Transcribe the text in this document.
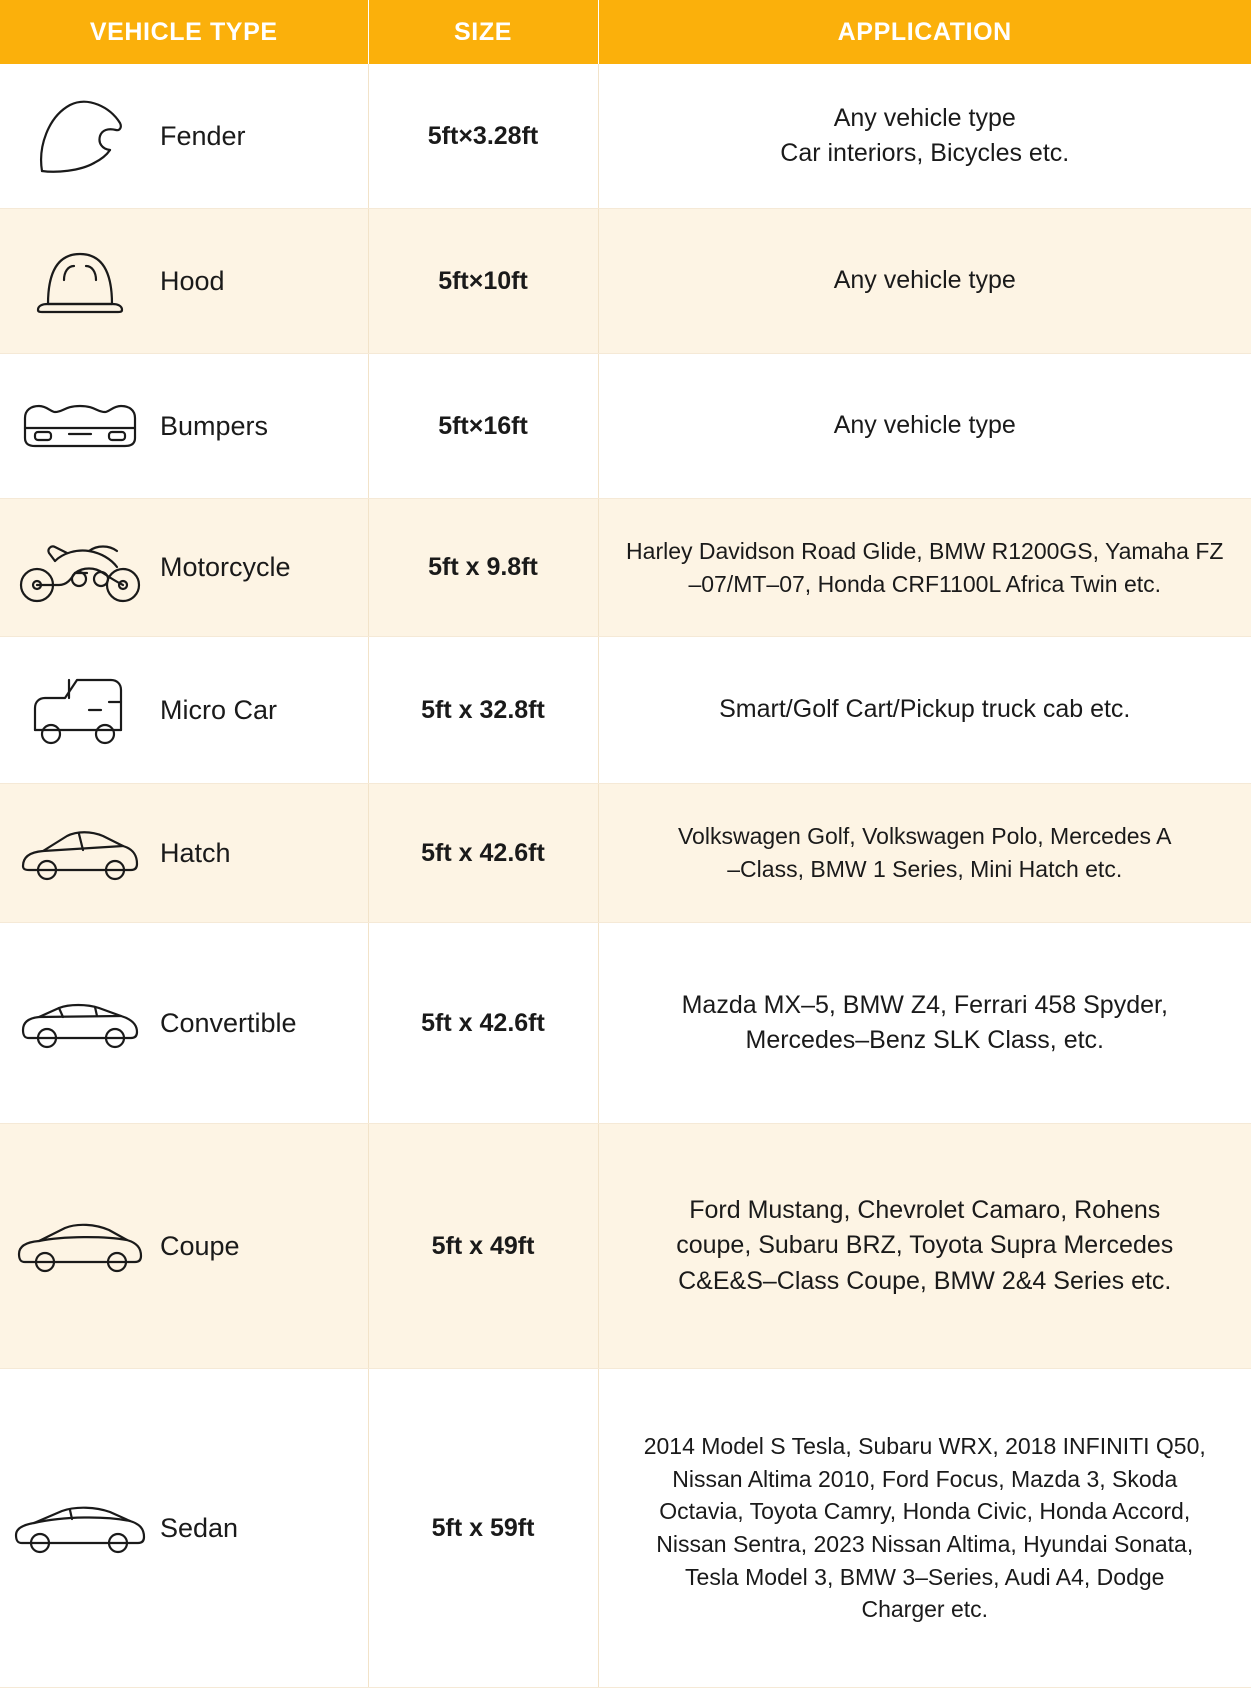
VEHICLE TYPE	SIZE	APPLICATION

Fender	5ft×3.28ft	Any vehicle type
Car interiors, Bicycles etc.

Hood	5ft×10ft	Any vehicle type

Bumpers	5ft×16ft	Any vehicle type

Motorcycle	5ft x 9.8ft	Harley Davidson Road Glide, BMW R1200GS, Yamaha FZ
–07/MT–07, Honda CRF1100L Africa Twin etc.

Micro Car	5ft x 32.8ft	Smart/Golf Cart/Pickup truck cab etc.

Hatch	5ft x 42.6ft	Volkswagen Golf, Volkswagen Polo, Mercedes A
–Class, BMW 1 Series, Mini Hatch etc.

Convertible	5ft x 42.6ft	Mazda MX–5, BMW Z4, Ferrari 458 Spyder,
Mercedes–Benz SLK Class, etc.

Coupe	5ft x 49ft	Ford Mustang, Chevrolet Camaro, Rohens
coupe, Subaru BRZ, Toyota Supra Mercedes
C&E&S–Class Coupe, BMW 2&4 Series etc.

Sedan	5ft x 59ft	
2014 Model S Tesla, Subaru WRX, 2018 INFINITI Q50,
Nissan Altima 2010, Ford Focus, Mazda 3, Skoda
Octavia, Toyota Camry, Honda Civic, Honda Accord,
Nissan Sentra, 2023 Nissan Altima, Hyundai Sonata,
Tesla Model 3, BMW 3–Series, Audi A4, Dodge
Charger etc.
